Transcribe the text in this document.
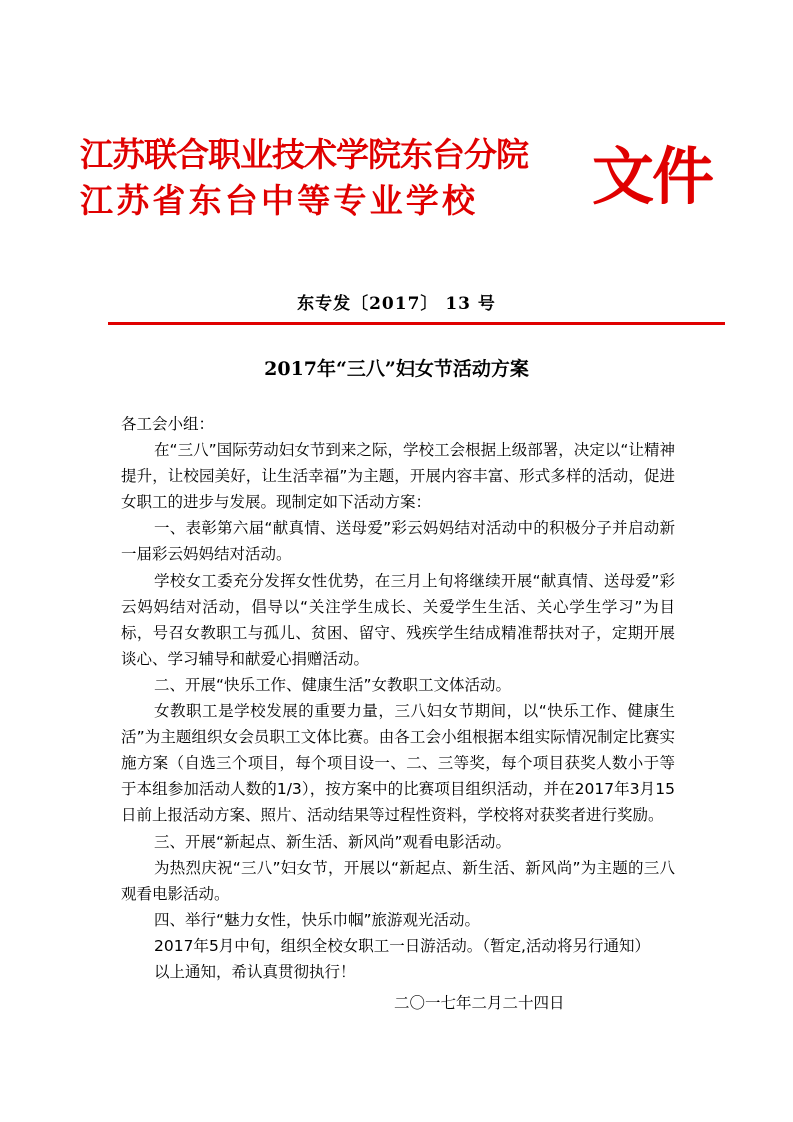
江苏联合职业技术学院东台分院
江苏省东台中等专业学校 文件
东专发〔2017〕 13 号
2017年“三八”妇女节活动方案

各工会小组：

在“三八”国际劳动妇女节到来之际，学校工会根据上级部署，决定以“让精神提升，让校园美好，让生活幸福”为主题，开展内容丰富、形式多样的活动，促进女职工的进步与发展。现制定如下活动方案：

一、表彰第六届“献真情、送母爱”彩云妈妈结对活动中的积极分子并启动新一届彩云妈妈结对活动。

学校女工委充分发挥女性优势，在三月上旬将继续开展“献真情、送母爱”彩云妈妈结对活动，倡导以“关注学生成长、关爱学生生活、关心学生学习”为目标，号召女教职工与孤儿、贫困、留守、残疾学生结成精准帮扶对子，定期开展谈心、学习辅导和献爱心捐赠活动。

二、开展“快乐工作、健康生活”女教职工文体活动。

女教职工是学校发展的重要力量，三八妇女节期间，以“快乐工作、健康生活”为主题组织女会员职工文体比赛。由各工会小组根据本组实际情况制定比赛实施方案（自选三个项目，每个项目设一、二、三等奖，每个项目获奖人数小于等于本组参加活动人数的1/3），按方案中的比赛项目组织活动，并在2017年3月15日前上报活动方案、照片、活动结果等过程性资料，学校将对获奖者进行奖励。

三、开展“新起点、新生活、新风尚”观看电影活动。

为热烈庆祝“三八”妇女节，开展以“新起点、新生活、新风尚”为主题的三八观看电影活动。

四、举行“魅力女性，快乐巾帼”旅游观光活动。

2017年5月中旬，组织全校女职工一日游活动。（暂定,活动将另行通知）

以上通知，希认真贯彻执行！

二〇一七年二月二十四日
